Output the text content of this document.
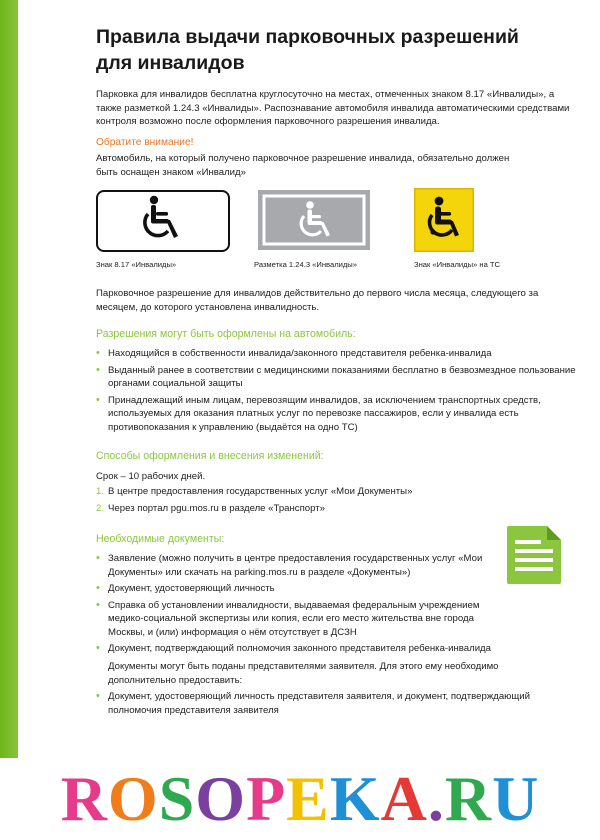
Правила выдачи парковочных разрешений для инвалидов

Парковка для инвалидов бесплатна круглосуточно на местах, отмеченных знаком 8.17 «Инвалиды», а также разметкой 1.24.3 «Инвалиды». Распознавание автомобиля инвалида автоматическими средствами контроля возможно после оформления парковочного разрешения инвалида.

Обратите внимание!

Автомобиль, на который получено парковочное разрешение инвалида, обязательно должен быть оснащен знаком «Инвалид»

Знак 8.17 «Инвалиды»	Разметка 1.24.3 «Инвалиды»	Знак «Инвалиды» на ТС

Парковочное разрешение для инвалидов действительно до первого числа месяца, следующего за месяцем, до которого установлена инвалидность.

Разрешения могут быть оформлены на автомобиль:
• Находящийся в собственности инвалида/законного представителя ребенка-инвалида
• Выданный ранее в соответствии с медицинскими показаниями бесплатно в безвозмездное пользование органами социальной защиты
• Принадлежащий иным лицам, перевозящим инвалидов, за исключением транспортных средств, используемых для оказания платных услуг по перевозке пассажиров, если у инвалида есть противопоказания к управлению (выдаётся на одно ТС)
Способы оформления и внесения изменений:

Срок – 10 рабочих дней.

1. В центре предоставления государственных услуг «Мои Документы»
2. Через портал pgu.mos.ru в разделе «Транспорт»
Необходимые документы:
• Заявление (можно получить в центре предоставления государственных услуг «Мои Документы» или скачать на parking.mos.ru в разделе «Документы»)
• Документ, удостоверяющий личность
• Справка об установлении инвалидности, выдаваемая федеральным учреждением медико-социальной экспертизы или копия, если его место жительства вне города Москвы, и (или) информация о нём отсутствует в ДСЗН
• Документ, подтверждающий полномочия законного представителя ребенка-инвалида

Документы могут быть поданы представителями заявителя. Для этого ему необходимо дополнительно предоставить:

• Документ, удостоверяющий личность представителя заявителя, и документ, подтверждающий полномочия представителя заявителя
ROSOPEKA.RU
